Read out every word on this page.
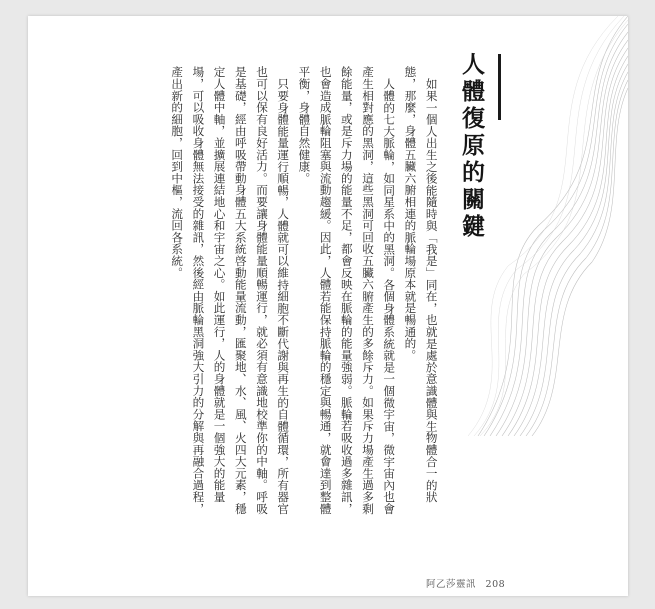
人體復原的關鍵

如果一個人出生之後能隨時與「我是」同在，也就是處於意識體與生物體合一的狀態，那麼，身體五臟六腑相連的脈輪場原本就是暢通的。

人體的七大脈輪，如同星系中的黑洞。各個身體系統就是一個微宇宙，微宇宙內也會產生相對應的黑洞，這些黑洞可回收五臟六腑產生的多餘斥力。如果斥力場產生過多剩餘能量，或是斥力場的能量不足，都會反映在脈輪的能量強弱。脈輪若吸收過多雜訊，也會造成脈輪阻塞與流動趨緩。因此，人體若能保持脈輪的穩定與暢通，就會達到整體平衡，身體自然健康。

只要身體能量運行順暢，人體就可以維持細胞不斷代謝與再生的自體循環，所有器官也可以保有良好活力。而要讓身體能量順暢運行，就必須有意識地校準你的中軸。呼吸是基礎，經由呼吸帶動身體五大系統啓動能量流動，匯聚地、水、風、火四大元素，穩定人體中軸，並擴展連結地心和宇宙之心。如此運行，人的身體就是一個強大的能量場，可以吸收身體無法接受的雜訊，然後經由脈輪黑洞強大引力的分解與再融合過程，產出新的細胞，回到中樞，流回各系統。

阿乙莎靈訊 208
